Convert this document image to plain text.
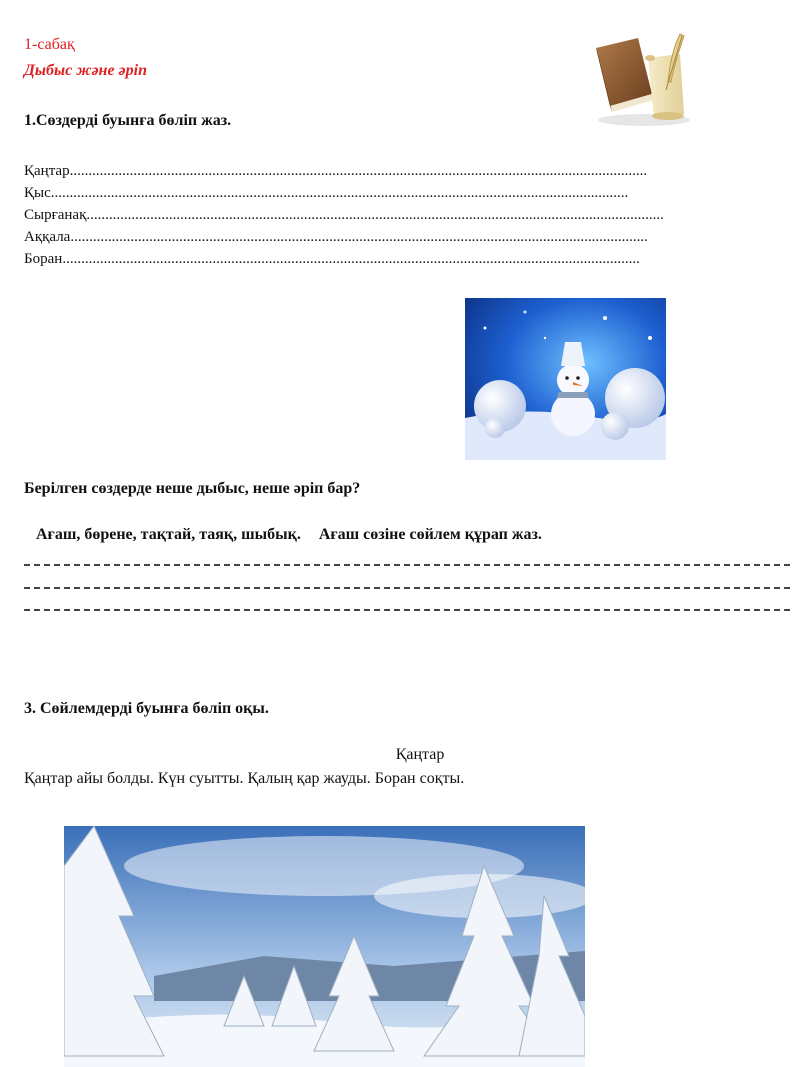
1-сабақ
Дыбыс және әріп
1.Сөздерді буынға бөліп жаз.
Қаңтар..........................................................................................................................................................
Қыс..........................................................................................................................................................
Сырғанақ..........................................................................................................................................................
Аққала..........................................................................................................................................................
Боран..........................................................................................................................................................
Берілген сөздерде неше дыбыс, неше әріп бар?
Ағаш, бөрене, тақтай, таяқ, шыбық. Ағаш сөзіне сөйлем құрап жаз.
3. Сөйлемдерді буынға бөліп оқы.
Қаңтар
Қаңтар айы болды. Күн суытты. Қалың қар жауды. Боран соқты.
